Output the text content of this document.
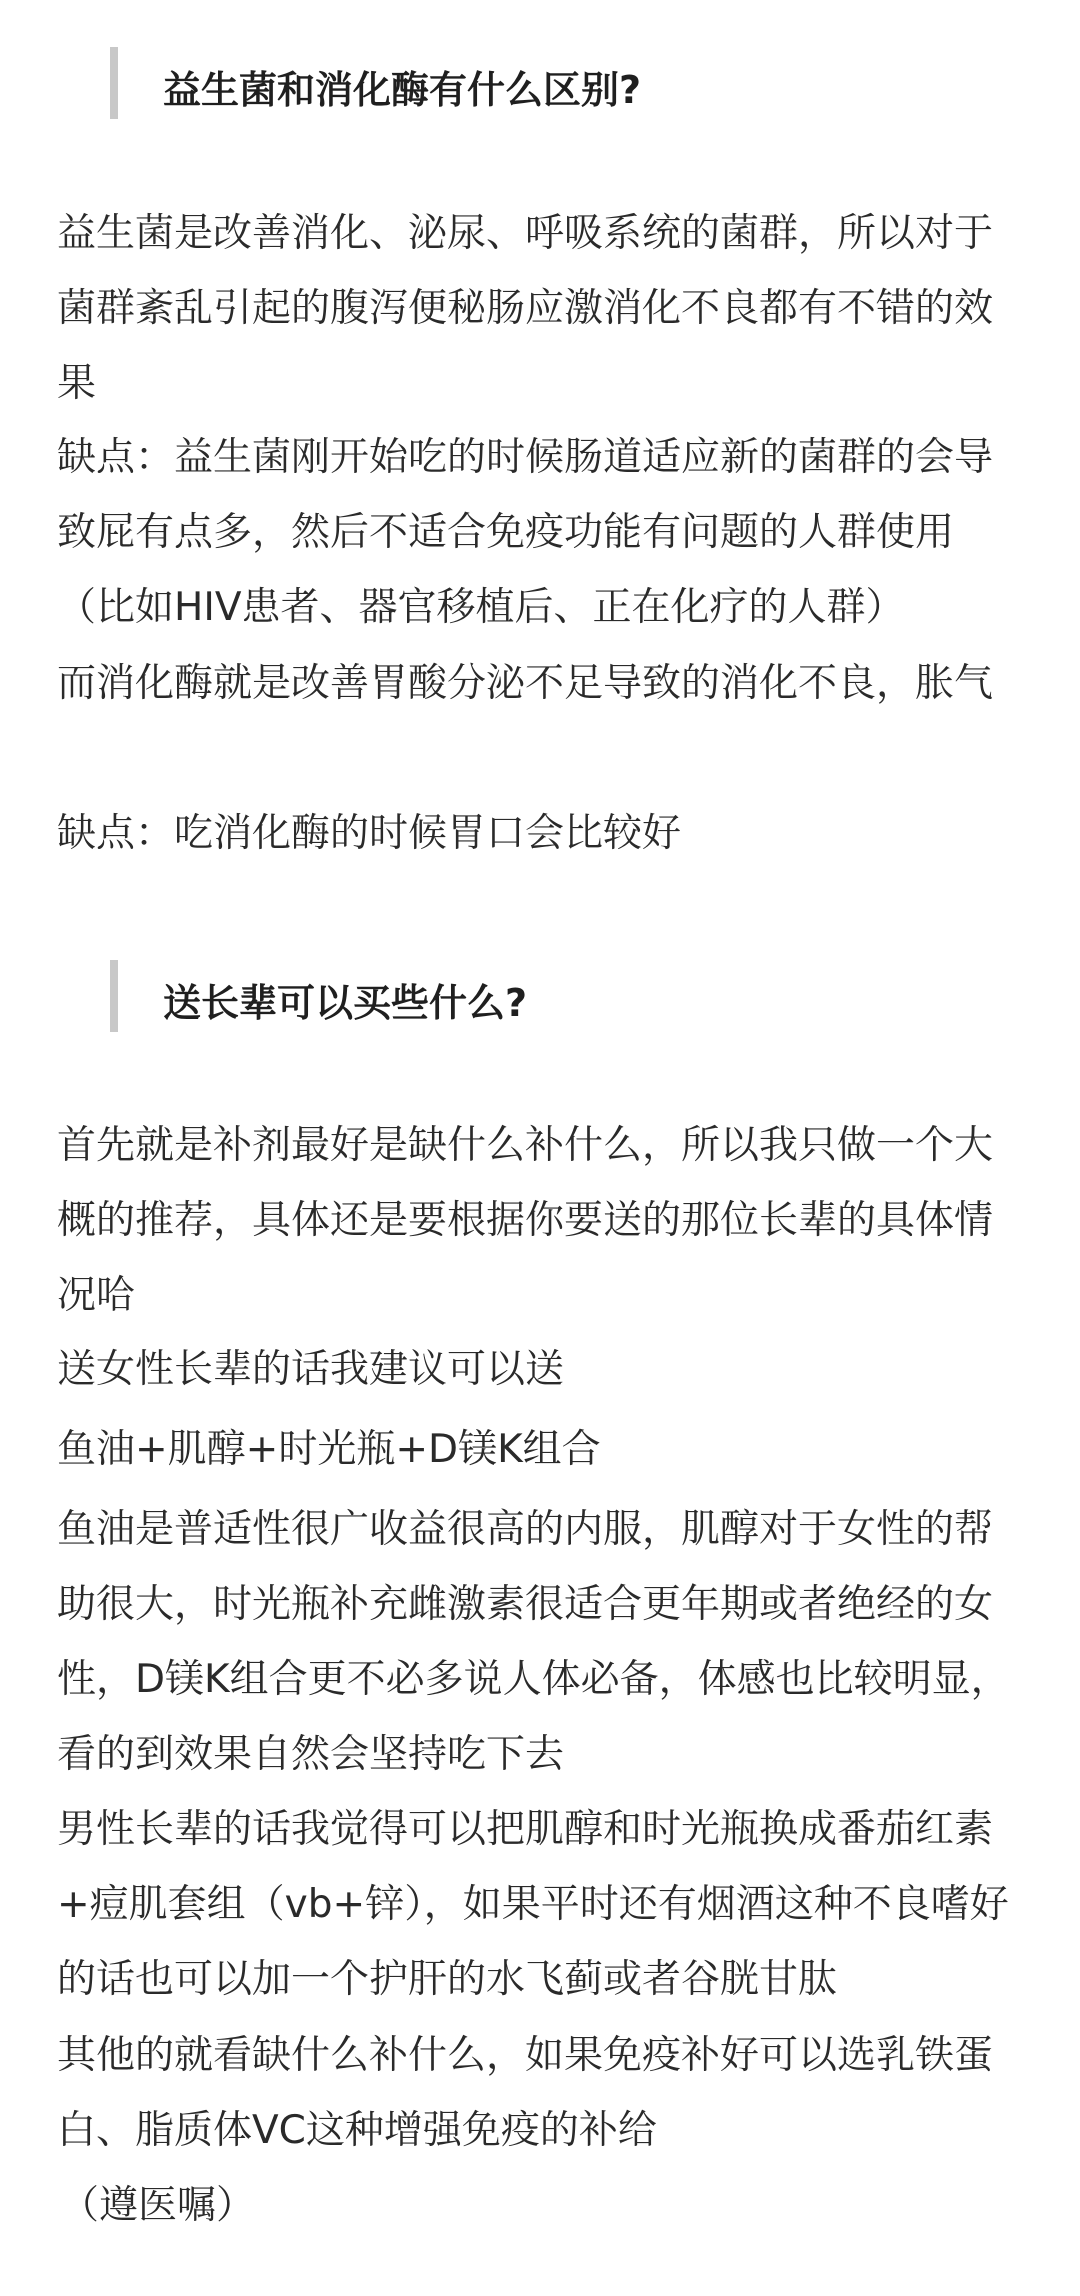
益生菌和消化酶有什么区别?

益生菌是改善消化、泌尿、呼吸系统的菌群，所以对于菌群紊乱引起的腹泻便秘肠应激消化不良都有不错的效果

缺点：益生菌刚开始吃的时候肠道适应新的菌群的会导致屁有点多，然后不适合免疫功能有问题的人群使用（比如HIV患者、器官移植后、正在化疗的人群）

而消化酶就是改善胃酸分泌不足导致的消化不良，胀气

缺点：吃消化酶的时候胃口会比较好

送长辈可以买些什么?

首先就是补剂最好是缺什么补什么，所以我只做一个大概的推荐，具体还是要根据你要送的那位长辈的具体情况哈

送女性长辈的话我建议可以送

鱼油+肌醇+时光瓶+D镁K组合

鱼油是普适性很广收益很高的内服，肌醇对于女性的帮助很大，时光瓶补充雌激素很适合更年期或者绝经的女性，D镁K组合更不必多说人体必备，体感也比较明显，看的到效果自然会坚持吃下去

男性长辈的话我觉得可以把肌醇和时光瓶换成番茄红素+痘肌套组（vb+锌），如果平时还有烟酒这种不良嗜好的话也可以加一个护肝的水飞蓟或者谷胱甘肽

其他的就看缺什么补什么，如果免疫补好可以选乳铁蛋白、脂质体VC这种增强免疫的补给

（遵医嘱）
